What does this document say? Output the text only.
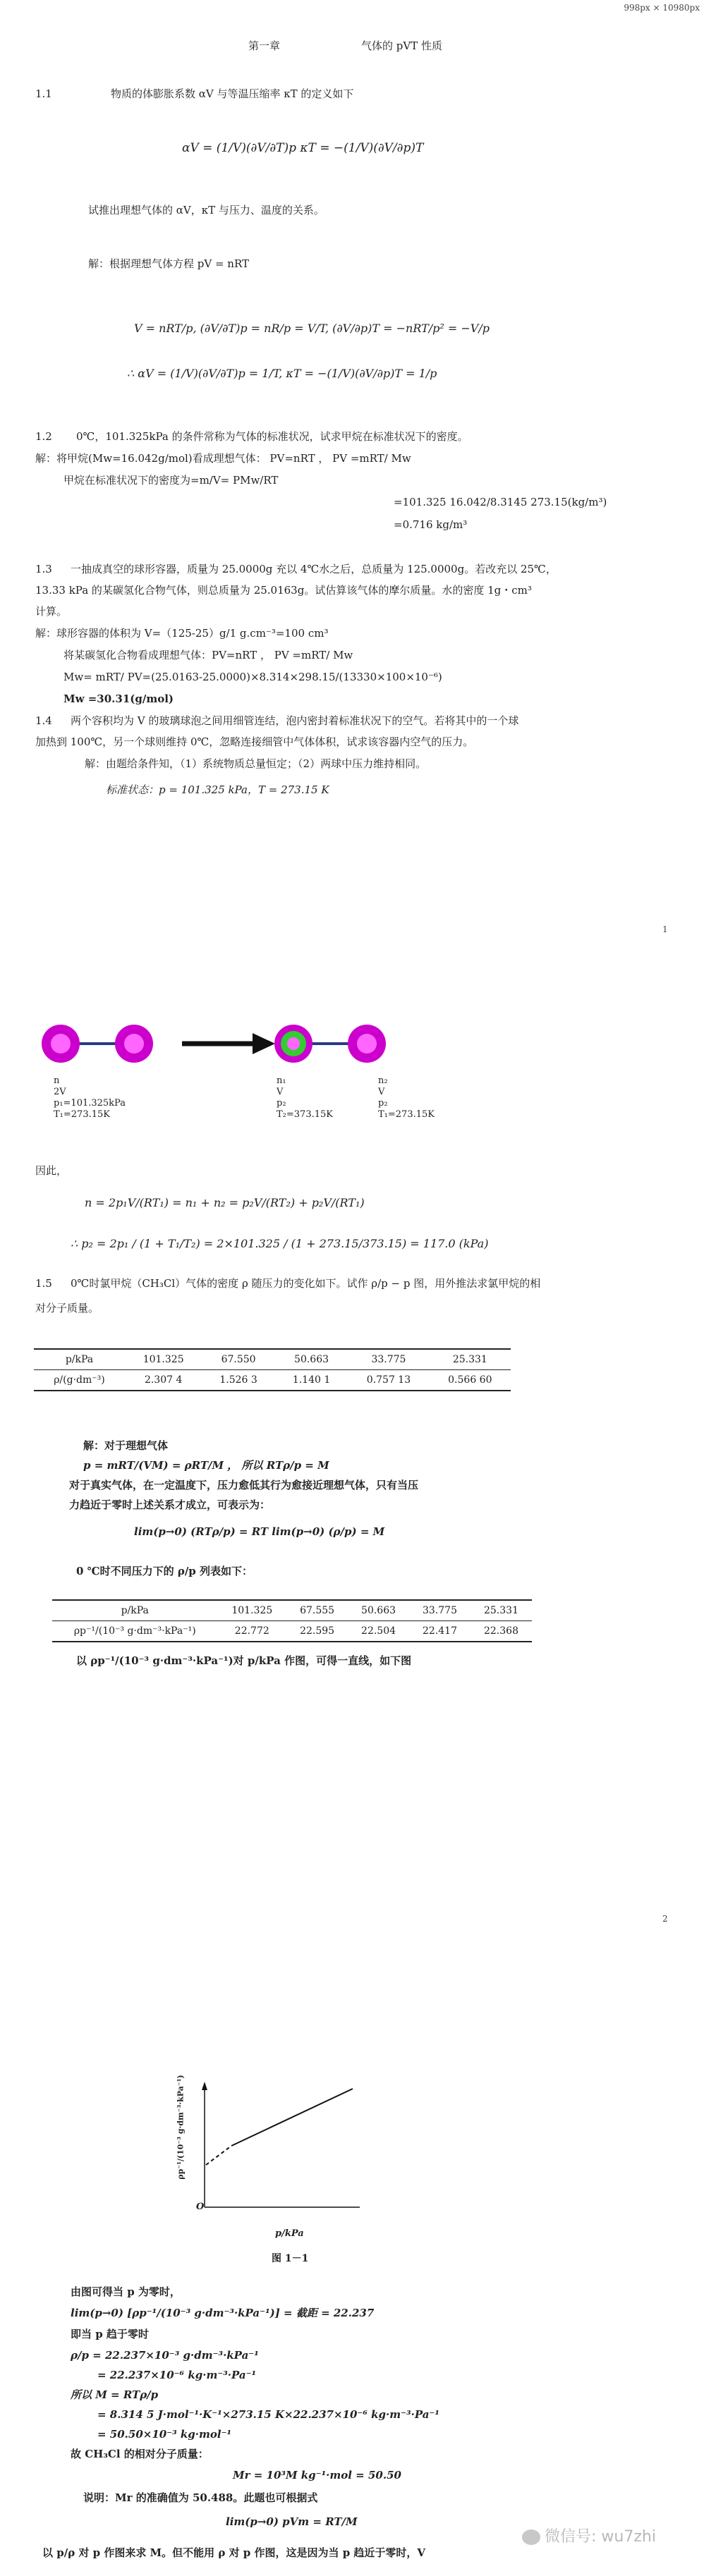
998px × 10980px
第一章	气体的 pVT 性质
1.1	物质的体膨胀系数 αV 与等温压缩率 κT 的定义如下
αV = (1/V)(∂V/∂T)p κT = −(1/V)(∂V/∂p)T
试推出理想气体的 αV，κT 与压力、温度的关系。
解：根据理想气体方程 pV = nRT
V = nRT/p, (∂V/∂T)p = nR/p = V/T, (∂V/∂p)T = −nRT/p² = −V/p
∴ αV = (1/V)(∂V/∂T)p = 1/T, κT = −(1/V)(∂V/∂p)T = 1/p
1.2 0℃，101.325kPa 的条件常称为气体的标准状况，试求甲烷在标准状况下的密度。
解：将甲烷(Mw=16.042g/mol)看成理想气体： PV=nRT ， PV =mRT/ Mw
甲烷在标准状况下的密度为=m/V= PMw/RT
=101.325 16.042/8.3145 273.15(kg/m³)
=0.716 kg/m³
1.3 一抽成真空的球形容器，质量为 25.0000g 充以 4℃水之后，总质量为 125.0000g。若改充以 25℃，
13.33 kPa 的某碳氢化合物气体，则总质量为 25.0163g。试估算该气体的摩尔质量。水的密度 1g・cm³
计算。
解：球形容器的体积为 V=（125-25）g/1 g.cm⁻³=100 cm³
将某碳氢化合物看成理想气体：PV=nRT ， PV =mRT/ Mw
Mw= mRT/ PV=(25.0163-25.0000)×8.314×298.15/(13330×100×10⁻⁶)
Mw =30.31(g/mol)
1.4 两个容积均为 V 的玻璃球泡之间用细管连结，泡内密封着标准状况下的空气。若将其中的一个球
加热到 100℃，另一个球则维持 0℃，忽略连接细管中气体体积，试求该容器内空气的压力。
解：由题给条件知，（1）系统物质总量恒定；（2）两球中压力维持相同。
标准状态：p = 101.325 kPa，T = 273.15 K
1
n
2V
p₁=101.325kPa
T₁=273.15K
n₁
V
p₂
T₂=373.15K
n₂
V
p₂
T₁=273.15K
因此，
n = 2p₁V/(RT₁) = n₁ + n₂ = p₂V/(RT₂) + p₂V/(RT₁)
∴ p₂ = 2p₁ / (1 + T₁/T₂) = 2×101.325 / (1 + 273.15/373.15) = 117.0 (kPa)
1.5 0℃时氯甲烷（CH₃Cl）气体的密度 ρ 随压力的变化如下。试作 ρ/p − p 图，用外推法求氯甲烷的相
对分子质量。
p/kPa	101.325	67.550	50.663	33.775	25.331
ρ/(g·dm⁻³)	2.307 4	1.526 3	1.140 1	0.757 13	0.566 60
解：对于理想气体
p = mRT/(VM) = ρRT/M ， 所以 RTρ/p = M
对于真实气体，在一定温度下，压力愈低其行为愈接近理想气体，只有当压
力趋近于零时上述关系才成立，可表示为：
lim(p→0) (RTρ/p) = RT lim(p→0) (ρ/p) = M
0 ℃时不同压力下的 ρ/p 列表如下：
p/kPa	101.325	67.555	50.663	33.775	25.331
ρp⁻¹/(10⁻³ g·dm⁻³·kPa⁻¹)	22.772	22.595	22.504	22.417	22.368
以 ρp⁻¹/(10⁻³ g·dm⁻³·kPa⁻¹)对 p/kPa 作图，可得一直线，如下图
2
ρp⁻¹/(10⁻³ g·dm⁻³·kPa⁻¹)
O
p/kPa
图 1－1
由图可得当 p 为零时，
lim(p→0) [ρp⁻¹/(10⁻³ g·dm⁻³·kPa⁻¹)] = 截距 = 22.237
即当 p 趋于零时
ρ/p = 22.237×10⁻³ g·dm⁻³·kPa⁻¹
= 22.237×10⁻⁶ kg·m⁻³·Pa⁻¹
所以 M = RTρ/p
= 8.314 5 J·mol⁻¹·K⁻¹×273.15 K×22.237×10⁻⁶ kg·m⁻³·Pa⁻¹
= 50.50×10⁻³ kg·mol⁻¹
故 CH₃Cl 的相对分子质量：
Mr = 10³M kg⁻¹·mol = 50.50
说明：Mr 的准确值为 50.488。此题也可根据式
lim(p→0) pVm = RT/M
以 p/ρ 对 p 作图来求 M。但不能用 ρ 对 p 作图，这是因为当 p 趋近于零时，V
微信号: wu7zhi
